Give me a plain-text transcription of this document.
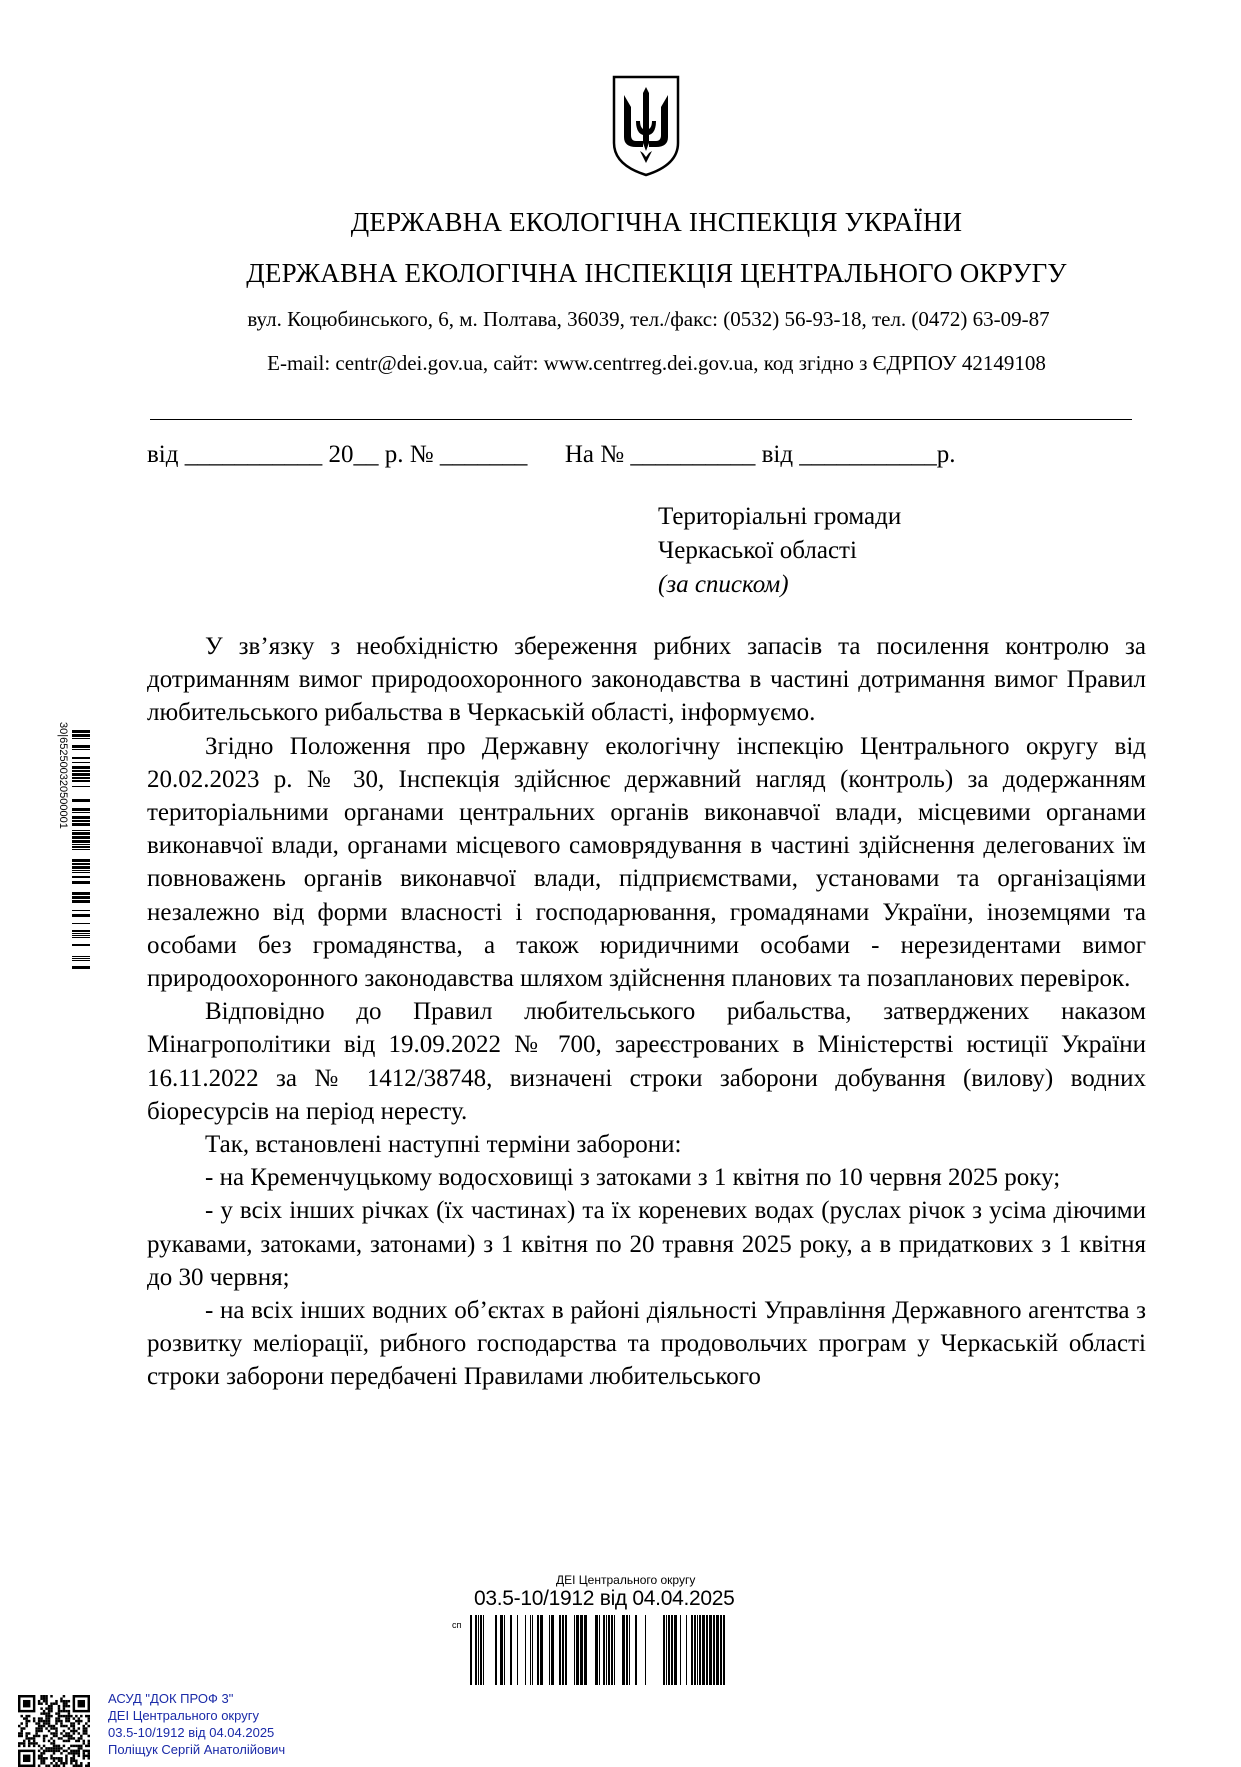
ДЕРЖАВНА ЕКОЛОГІЧНА ІНСПЕКЦІЯ УКРАЇНИ
ДЕРЖАВНА ЕКОЛОГІЧНА ІНСПЕКЦІЯ ЦЕНТРАЛЬНОГО ОКРУГУ
вул. Коцюбинського, 6, м. Полтава, 36039, тел./факс: (0532) 56-93-18, тел. (0472) 63-09-87
E-mail: centr@dei.gov.ua, сайт: www.centrreg.dei.gov.ua, код згідно з ЄДРПОУ 42149108
від ___________ 20__ р. № _______      На № __________ від ___________р.
Територіальні громади
Черкаської області
(за списком)

У зв’язку з необхідністю збереження рибних запасів та посилення контролю за дотриманням вимог природоохоронного законодавства в частині дотримання вимог Правил любительського рибальства в Черкаській області, інформуємо.

Згідно Положення про Державну екологічну інспекцію Центрального округу від 20.02.2023 р. № 30, Інспекція здійснює державний нагляд (контроль) за додержанням територіальними органами центральних органів виконавчої влади, місцевими органами виконавчої влади, органами місцевого самоврядування в частині здійснення делегованих їм повноважень органів виконавчої влади, підприємствами, установами та організаціями незалежно від форми власності і господарювання, громадянами України, іноземцями та особами без громадянства, а також юридичними особами - нерезидентами вимог природоохоронного законодавства шляхом здійснення планових та позапланових перевірок.

Відповідно до Правил любительського рибальства, затверджених наказом Мінагрополітики від 19.09.2022 № 700, зареєстрованих в Міністерстві юстиції України 16.11.2022 за № 1412/38748, визначені строки заборони добування (вилову) водних біоресурсів на період нересту.

Так, встановлені наступні терміни заборони:

- на Кременчуцькому водосховищі з затоками з 1 квітня по 10 червня 2025 року;

- у всіх інших річках (їх частинах) та їх кореневих водах (руслах річок з усіма діючими рукавами, затоками, затонами) з 1 квітня по 20 травня 2025 року, а в придаткових з 1 квітня до 30 червня;

- на всіх інших водних об’єктах в районі діяльності Управління Державного агентства з розвитку меліорації, рибного господарства та продовольчих програм у Черкаській області строки заборони передбачені Правилами любительського

30|652500320500001
АСУД "ДОК ПРОФ 3"
ДЕІ Центрального округу
03.5-10/1912 від 04.04.2025
Поліщук Сергій Анатолійович
ДЕІ Центрального округу
03.5-10/1912 від 04.04.2025
сп
